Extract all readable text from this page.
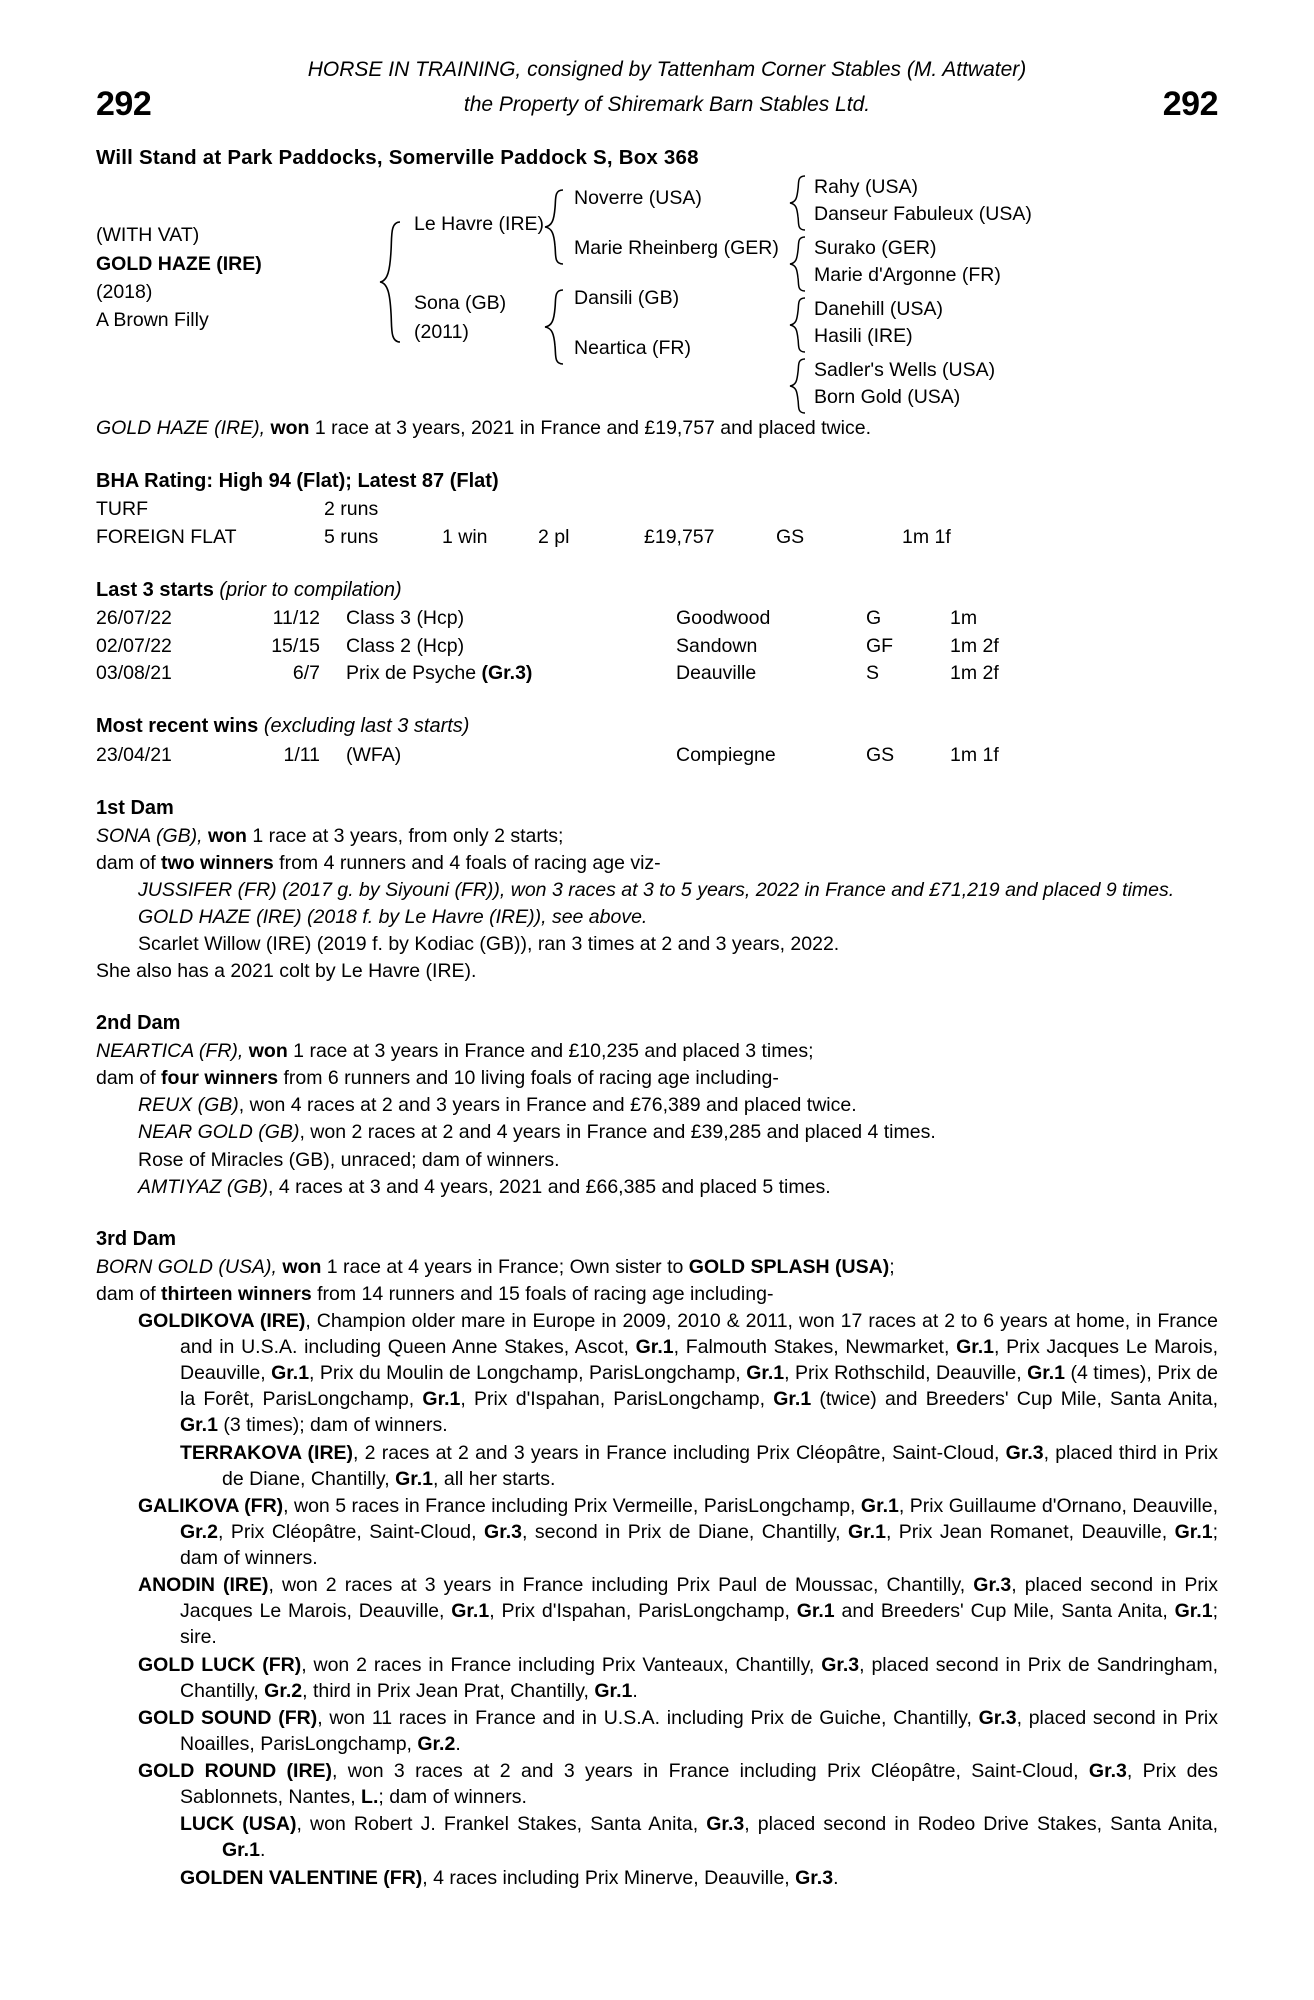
292	292
HORSE IN TRAINING, consigned by Tattenham Corner Stables (M. Attwater)
the Property of Shiremark Barn Stables Ltd.
Will Stand at Park Paddocks, Somerville Paddock S, Box 368
(WITH VAT)
GOLD HAZE (IRE)
(2018)
A Brown Filly
Le Havre (IRE)
Sona (GB)
(2011)
Noverre (USA)
Marie Rheinberg (GER)
Dansili (GB)
Neartica (FR)
Rahy (USA)
Danseur Fabuleux (USA)
Surako (GER)
Marie d'Argonne (FR)
Danehill (USA)
Hasili (IRE)
Sadler's Wells (USA)
Born Gold (USA)
GOLD HAZE (IRE), won 1 race at 3 years, 2021 in France and £19,757 and placed twice.
BHA Rating: High 94 (Flat); Latest 87 (Flat)
TURF	2 runs					
FOREIGN FLAT	5 runs	1 win	2 pl	£19,757	GS	1m 1f
Last 3 starts (prior to compilation)
26/07/22	11/12	Class 3 (Hcp)	Goodwood	G	1m
02/07/22	15/15	Class 2 (Hcp)	Sandown	GF	1m 2f
03/08/21	6/7	Prix de Psyche (Gr.3)	Deauville	S	1m 2f
Most recent wins (excluding last 3 starts)
23/04/21	1/11	(WFA)	Compiegne	GS	1m 1f
1st Dam
SONA (GB), won 1 race at 3 years, from only 2 starts;
dam of two winners from 4 runners and 4 foals of racing age viz-
JUSSIFER (FR) (2017 g. by Siyouni (FR)), won 3 races at 3 to 5 years, 2022 in France and £71,219 and placed 9 times.
GOLD HAZE (IRE) (2018 f. by Le Havre (IRE)), see above.
Scarlet Willow (IRE) (2019 f. by Kodiac (GB)), ran 3 times at 2 and 3 years, 2022.
She also has a 2021 colt by Le Havre (IRE).
2nd Dam
NEARTICA (FR), won 1 race at 3 years in France and £10,235 and placed 3 times;
dam of four winners from 6 runners and 10 living foals of racing age including-
REUX (GB), won 4 races at 2 and 3 years in France and £76,389 and placed twice.
NEAR GOLD (GB), won 2 races at 2 and 4 years in France and £39,285 and placed 4 times.
Rose of Miracles (GB), unraced; dam of winners.
AMTIYAZ (GB), 4 races at 3 and 4 years, 2021 and £66,385 and placed 5 times.
3rd Dam
BORN GOLD (USA), won 1 race at 4 years in France; Own sister to GOLD SPLASH (USA);
dam of thirteen winners from 14 runners and 15 foals of racing age including-
GOLDIKOVA (IRE), Champion older mare in Europe in 2009, 2010 & 2011, won 17 races at 2 to 6 years at home, in France and in U.S.A. including Queen Anne Stakes, Ascot, Gr.1, Falmouth Stakes, Newmarket, Gr.1, Prix Jacques Le Marois, Deauville, Gr.1, Prix du Moulin de Longchamp, ParisLongchamp, Gr.1, Prix Rothschild, Deauville, Gr.1 (4 times), Prix de la Forêt, ParisLongchamp, Gr.1, Prix d'Ispahan, ParisLongchamp, Gr.1 (twice) and Breeders' Cup Mile, Santa Anita, Gr.1 (3 times); dam of winners.
TERRAKOVA (IRE), 2 races at 2 and 3 years in France including Prix Cléopâtre, Saint-Cloud, Gr.3, placed third in Prix de Diane, Chantilly, Gr.1, all her starts.
GALIKOVA (FR), won 5 races in France including Prix Vermeille, ParisLongchamp, Gr.1, Prix Guillaume d'Ornano, Deauville, Gr.2, Prix Cléopâtre, Saint-Cloud, Gr.3, second in Prix de Diane, Chantilly, Gr.1, Prix Jean Romanet, Deauville, Gr.1; dam of winners.
ANODIN (IRE), won 2 races at 3 years in France including Prix Paul de Moussac, Chantilly, Gr.3, placed second in Prix Jacques Le Marois, Deauville, Gr.1, Prix d'Ispahan, ParisLongchamp, Gr.1 and Breeders' Cup Mile, Santa Anita, Gr.1; sire.
GOLD LUCK (FR), won 2 races in France including Prix Vanteaux, Chantilly, Gr.3, placed second in Prix de Sandringham, Chantilly, Gr.2, third in Prix Jean Prat, Chantilly, Gr.1.
GOLD SOUND (FR), won 11 races in France and in U.S.A. including Prix de Guiche, Chantilly, Gr.3, placed second in Prix Noailles, ParisLongchamp, Gr.2.
GOLD ROUND (IRE), won 3 races at 2 and 3 years in France including Prix Cléopâtre, Saint-Cloud, Gr.3, Prix des Sablonnets, Nantes, L.; dam of winners.
LUCK (USA), won Robert J. Frankel Stakes, Santa Anita, Gr.3, placed second in Rodeo Drive Stakes, Santa Anita, Gr.1.
GOLDEN VALENTINE (FR), 4 races including Prix Minerve, Deauville, Gr.3.
